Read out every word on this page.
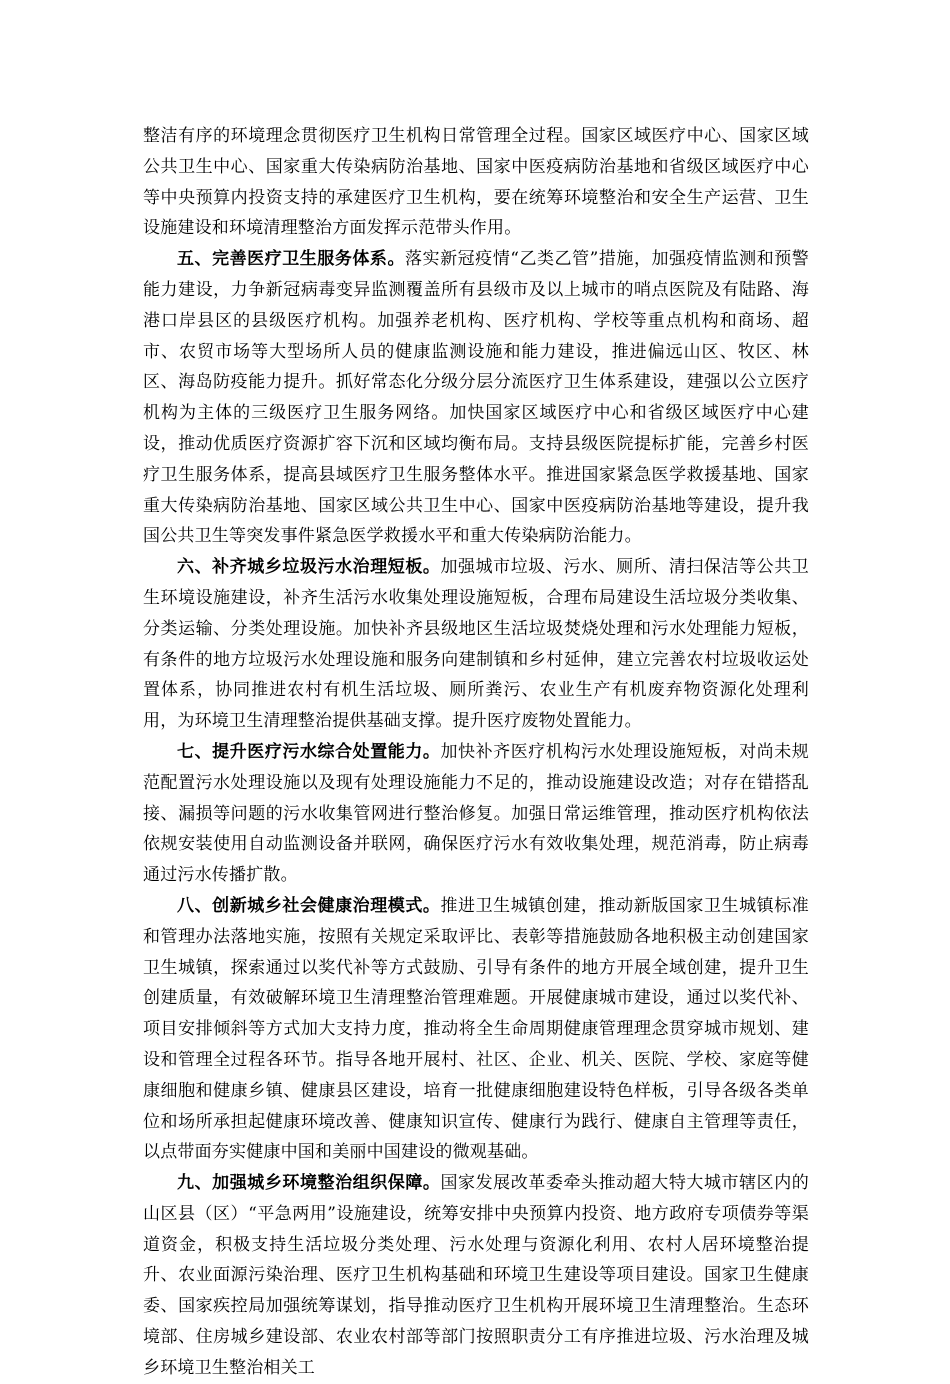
整洁有序的环境理念贯彻医疗卫生机构日常管理全过程。国家区域医疗中心、国家区域公共卫生中心、国家重大传染病防治基地、国家中医疫病防治基地和省级区域医疗中心等中央预算内投资支持的承建医疗卫生机构，要在统筹环境整治和安全生产运营、卫生设施建设和环境清理整治方面发挥示范带头作用。

五、完善医疗卫生服务体系。落实新冠疫情“乙类乙管”措施，加强疫情监测和预警能力建设，力争新冠病毒变异监测覆盖所有县级市及以上城市的哨点医院及有陆路、海港口岸县区的县级医疗机构。加强养老机构、医疗机构、学校等重点机构和商场、超市、农贸市场等大型场所人员的健康监测设施和能力建设，推进偏远山区、牧区、林区、海岛防疫能力提升。抓好常态化分级分层分流医疗卫生体系建设，建强以公立医疗机构为主体的三级医疗卫生服务网络。加快国家区域医疗中心和省级区域医疗中心建设，推动优质医疗资源扩容下沉和区域均衡布局。支持县级医院提标扩能，完善乡村医疗卫生服务体系，提高县域医疗卫生服务整体水平。推进国家紧急医学救援基地、国家重大传染病防治基地、国家区域公共卫生中心、国家中医疫病防治基地等建设，提升我国公共卫生等突发事件紧急医学救援水平和重大传染病防治能力。

六、补齐城乡垃圾污水治理短板。加强城市垃圾、污水、厕所、清扫保洁等公共卫生环境设施建设，补齐生活污水收集处理设施短板，合理布局建设生活垃圾分类收集、分类运输、分类处理设施。加快补齐县级地区生活垃圾焚烧处理和污水处理能力短板，有条件的地方垃圾污水处理设施和服务向建制镇和乡村延伸，建立完善农村垃圾收运处置体系，协同推进农村有机生活垃圾、厕所粪污、农业生产有机废弃物资源化处理利用，为环境卫生清理整治提供基础支撑。提升医疗废物处置能力。

七、提升医疗污水综合处置能力。加快补齐医疗机构污水处理设施短板，对尚未规范配置污水处理设施以及现有处理设施能力不足的，推动设施建设改造；对存在错搭乱接、漏损等问题的污水收集管网进行整治修复。加强日常运维管理，推动医疗机构依法依规安装使用自动监测设备并联网，确保医疗污水有效收集处理，规范消毒，防止病毒通过污水传播扩散。

八、创新城乡社会健康治理模式。推进卫生城镇创建，推动新版国家卫生城镇标准和管理办法落地实施，按照有关规定采取评比、表彰等措施鼓励各地积极主动创建国家卫生城镇，探索通过以奖代补等方式鼓励、引导有条件的地方开展全域创建，提升卫生创建质量，有效破解环境卫生清理整治管理难题。开展健康城市建设，通过以奖代补、项目安排倾斜等方式加大支持力度，推动将全生命周期健康管理理念贯穿城市规划、建设和管理全过程各环节。指导各地开展村、社区、企业、机关、医院、学校、家庭等健康细胞和健康乡镇、健康县区建设，培育一批健康细胞建设特色样板，引导各级各类单位和场所承担起健康环境改善、健康知识宣传、健康行为践行、健康自主管理等责任，以点带面夯实健康中国和美丽中国建设的微观基础。

九、加强城乡环境整治组织保障。国家发展改革委牵头推动超大特大城市辖区内的山区县（区）“平急两用”设施建设，统筹安排中央预算内投资、地方政府专项债券等渠道资金，积极支持生活垃圾分类处理、污水处理与资源化利用、农村人居环境整治提升、农业面源污染治理、医疗卫生机构基础和环境卫生建设等项目建设。国家卫生健康委、国家疾控局加强统筹谋划，指导推动医疗卫生机构开展环境卫生清理整治。生态环境部、住房城乡建设部、农业农村部等部门按照职责分工有序推进垃圾、污水治理及城乡环境卫生整治相关工
